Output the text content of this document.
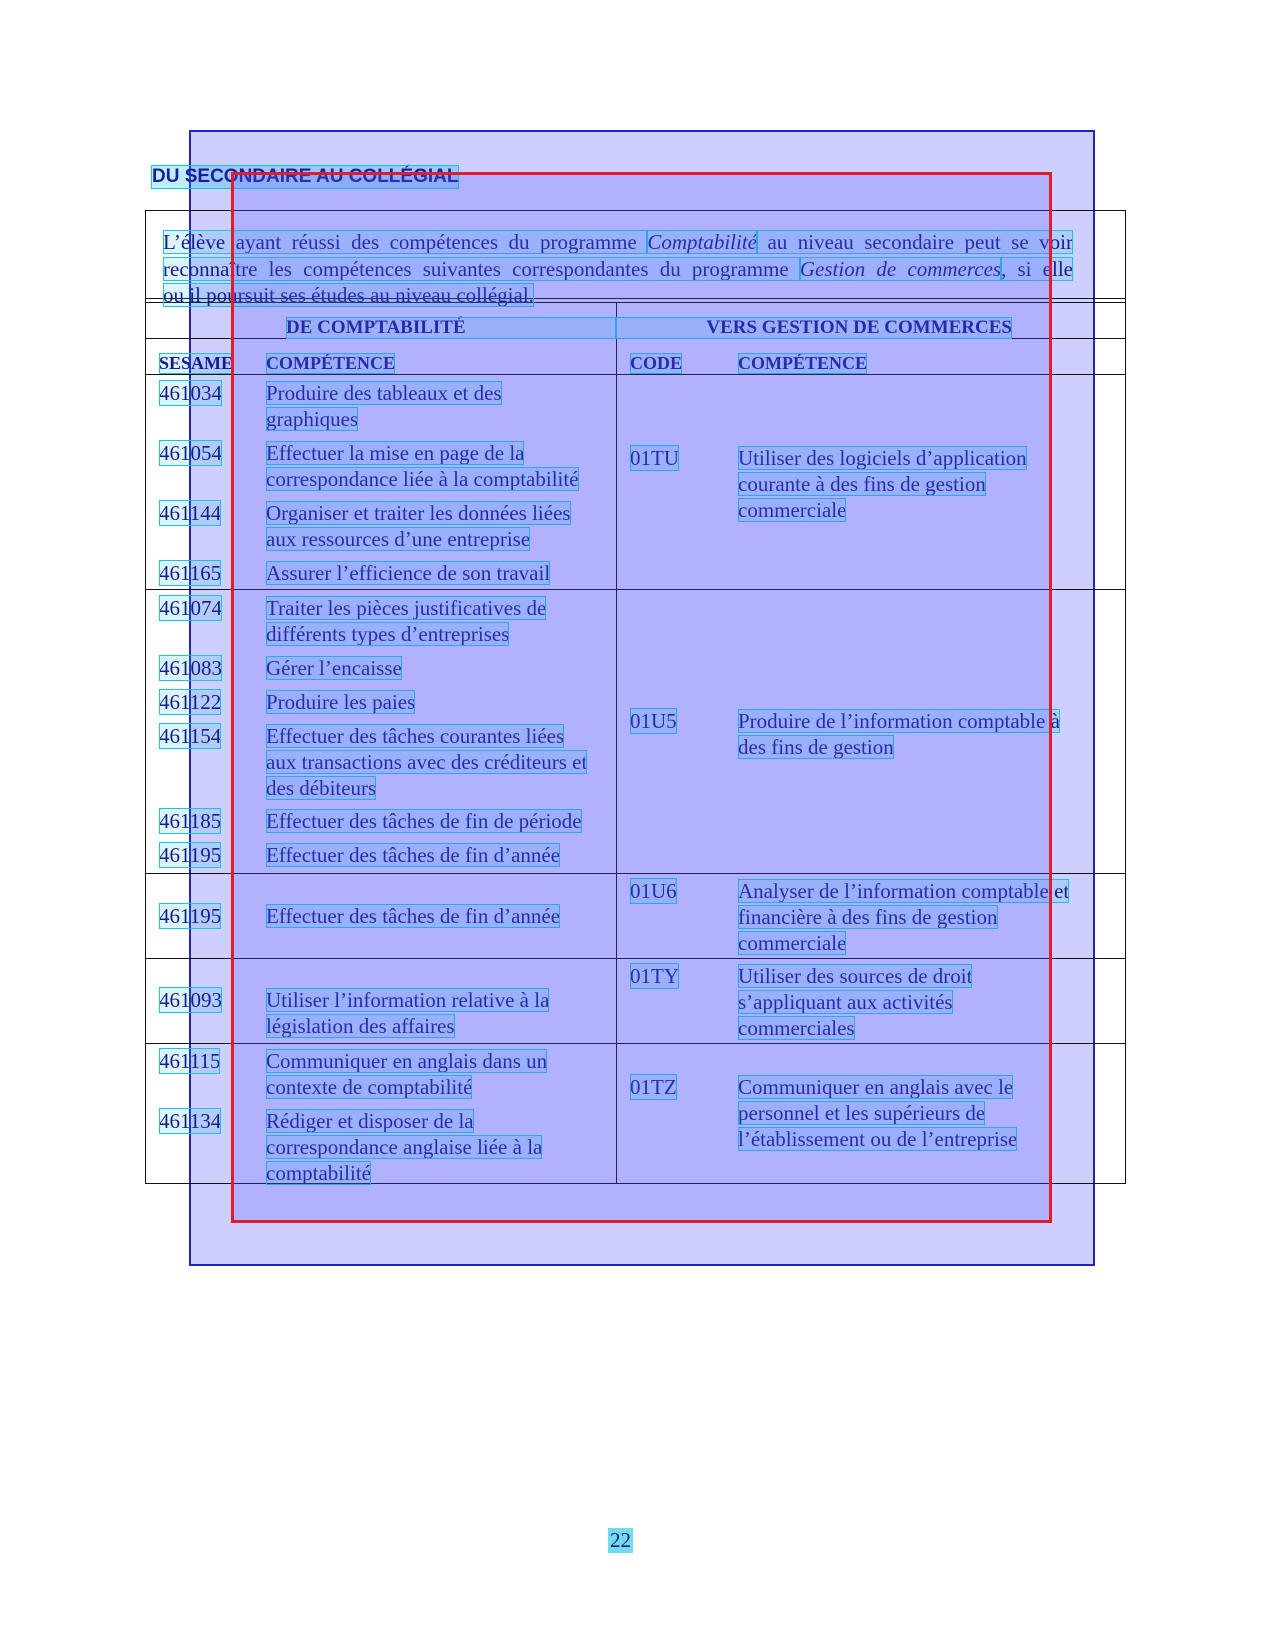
DU SECONDAIRE AU COLLÉGIAL
L’élève ayant réussi des compétences du programme Comptabilité au niveau secondaire peut se voir
reconnaître les compétences suivantes correspondantes du programme Gestion de commerces, si elle
ou il poursuit ses études au niveau collégial.
DE COMPTABILITÉ	VERS GESTION DE COMMERCES
SESAME COMPÉTENCE	CODE	COMPÉTENCE
461034 Produire des tableaux et des graphiques
461054 Effectuer la mise en page de la correspondance liée à la comptabilité
461144 Organiser et traiter les données liées aux ressources d’une entreprise
461165 Assurer l’efficience de son travail
01TU	Utiliser des logiciels d’application courante à des fins de gestion commerciale
461074 Traiter les pièces justificatives de différents types d’entreprises
461083 Gérer l’encaisse
461122 Produire les paies
461154 Effectuer des tâches courantes liées aux transactions avec des créditeurs et des débiteurs
461185 Effectuer des tâches de fin de période
461195 Effectuer des tâches de fin d’année
01U5	Produire de l’information comptable à des fins de gestion
461195 Effectuer des tâches de fin d’année
01U6	Analyser de l’information comptable et financière à des fins de gestion commerciale
461093 Utiliser l’information relative à la législation des affaires
01TY	Utiliser des sources de droit s’appliquant aux activités commerciales
461115 Communiquer en anglais dans un contexte de comptabilité
461134 Rédiger et disposer de la correspondance anglaise liée à la comptabilité
01TZ	Communiquer en anglais avec le personnel et les supérieurs de l’établissement ou de l’entreprise
22
